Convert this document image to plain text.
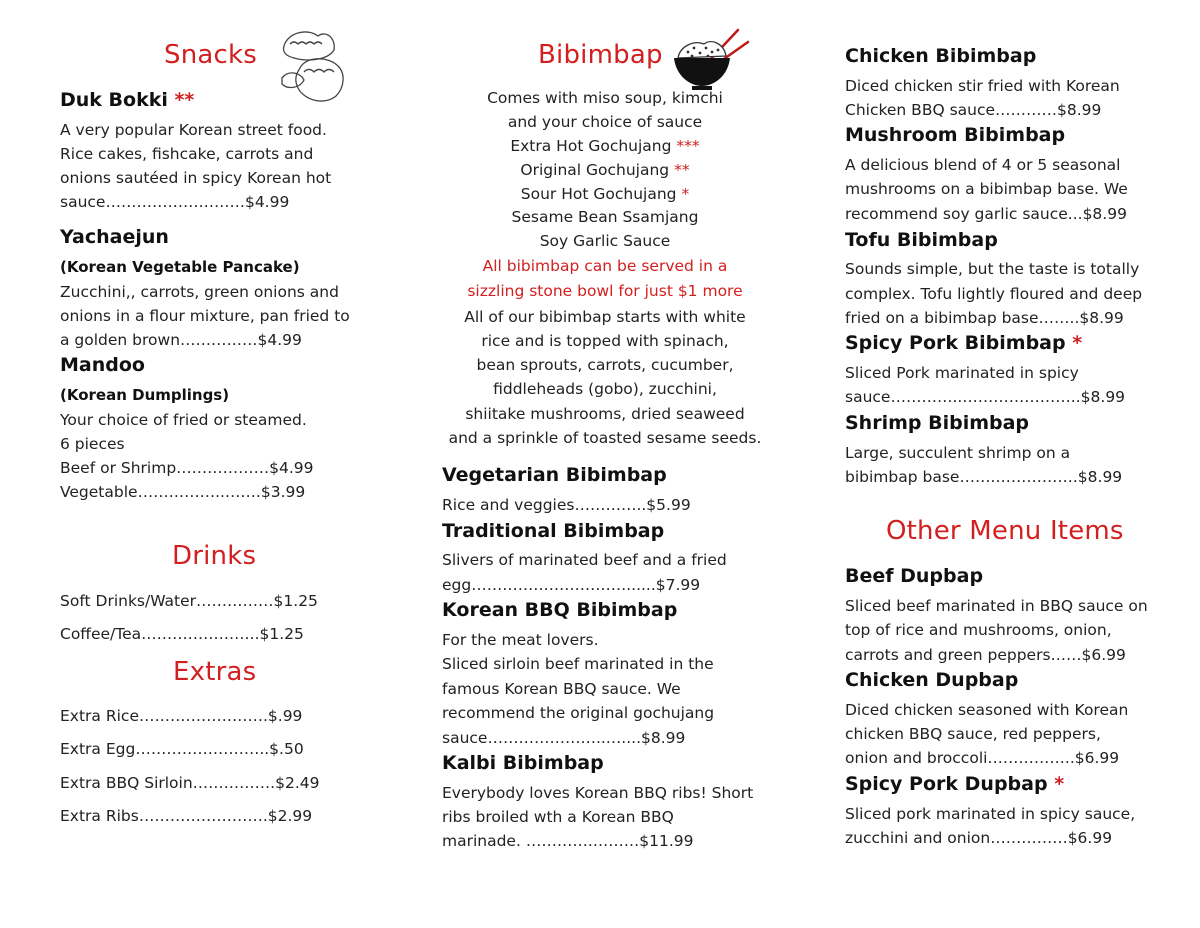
Snacks
Duk Bokki **
A very popular Korean street food.
Rice cakes, fishcake, carrots and
onions sautéed in spicy Korean hot
sauce………………………$4.99
Yachaejun
(Korean Vegetable Pancake)
Zucchini,, carrots, green onions and
onions in a flour mixture, pan fried to
a golden brown……………$4.99
Mandoo
(Korean Dumplings)
Your choice of fried or steamed.
6 pieces
Beef or Shrimp………………$4.99
Vegetable……………..…….$3.99
Drinks
Soft Drinks/Water……………$1.25
Coffee/Tea…………………..$1.25
Extras
Extra Rice…………………….$.99
Extra Egg……………………..$.50
Extra BBQ Sirloin…………….$2.49
Extra Ribs…………………….$2.99
Bibimbap
Comes with miso soup, kimchi
and your choice of sauce
Extra Hot Gochujang ***
Original Gochujang **
Sour Hot Gochujang *
Sesame Bean Ssamjang
Soy Garlic Sauce
All bibimbap can be served in a
sizzling stone bowl for just $1 more
All of our bibimbap starts with white
rice and is topped with spinach,
bean sprouts, carrots, cucumber,
fiddleheads (gobo), zucchini,
shiitake mushrooms, dried seaweed
and a sprinkle of toasted sesame seeds.
Vegetarian Bibimbap
Rice and veggies…………..$5.99
Traditional Bibimbap
Slivers of marinated beef and a fried
egg…………………………......$7.99
Korean BBQ Bibimbap
For the meat lovers.
Sliced sirloin beef marinated in the
famous Korean BBQ sauce. We
recommend the original gochujang
sauce…………………..…....$8.99
Kalbi Bibimbap
Everybody loves Korean BBQ ribs! Short
ribs broiled wth a Korean BBQ
marinade. ………….………$11.99
Chicken Bibimbap
Diced chicken stir fried with Korean
Chicken BBQ sauce…………$8.99
Mushroom Bibimbap
A delicious blend of 4 or 5 seasonal
mushrooms on a bibimbap base. We
recommend soy garlic sauce...$8.99
Tofu Bibimbap
Sounds simple, but the taste is totally
complex. Tofu lightly floured and deep
fried on a bibimbap base……..$8.99
Spicy Pork Bibimbap *
Sliced Pork marinated in spicy
sauce…………..…………………..$8.99
Shrimp Bibimbap
Large, succulent shrimp on a
bibimbap base…….…………….$8.99
Other Menu Items
Beef Dupbap
Sliced beef marinated in BBQ sauce on
top of rice and mushrooms, onion,
carrots and green peppers……$6.99
Chicken Dupbap
Diced chicken seasoned with Korean
chicken BBQ sauce, red peppers,
onion and broccoli……………..$6.99
Spicy Pork Dupbap *
Sliced pork marinated in spicy sauce,
zucchini and onion……………$6.99
